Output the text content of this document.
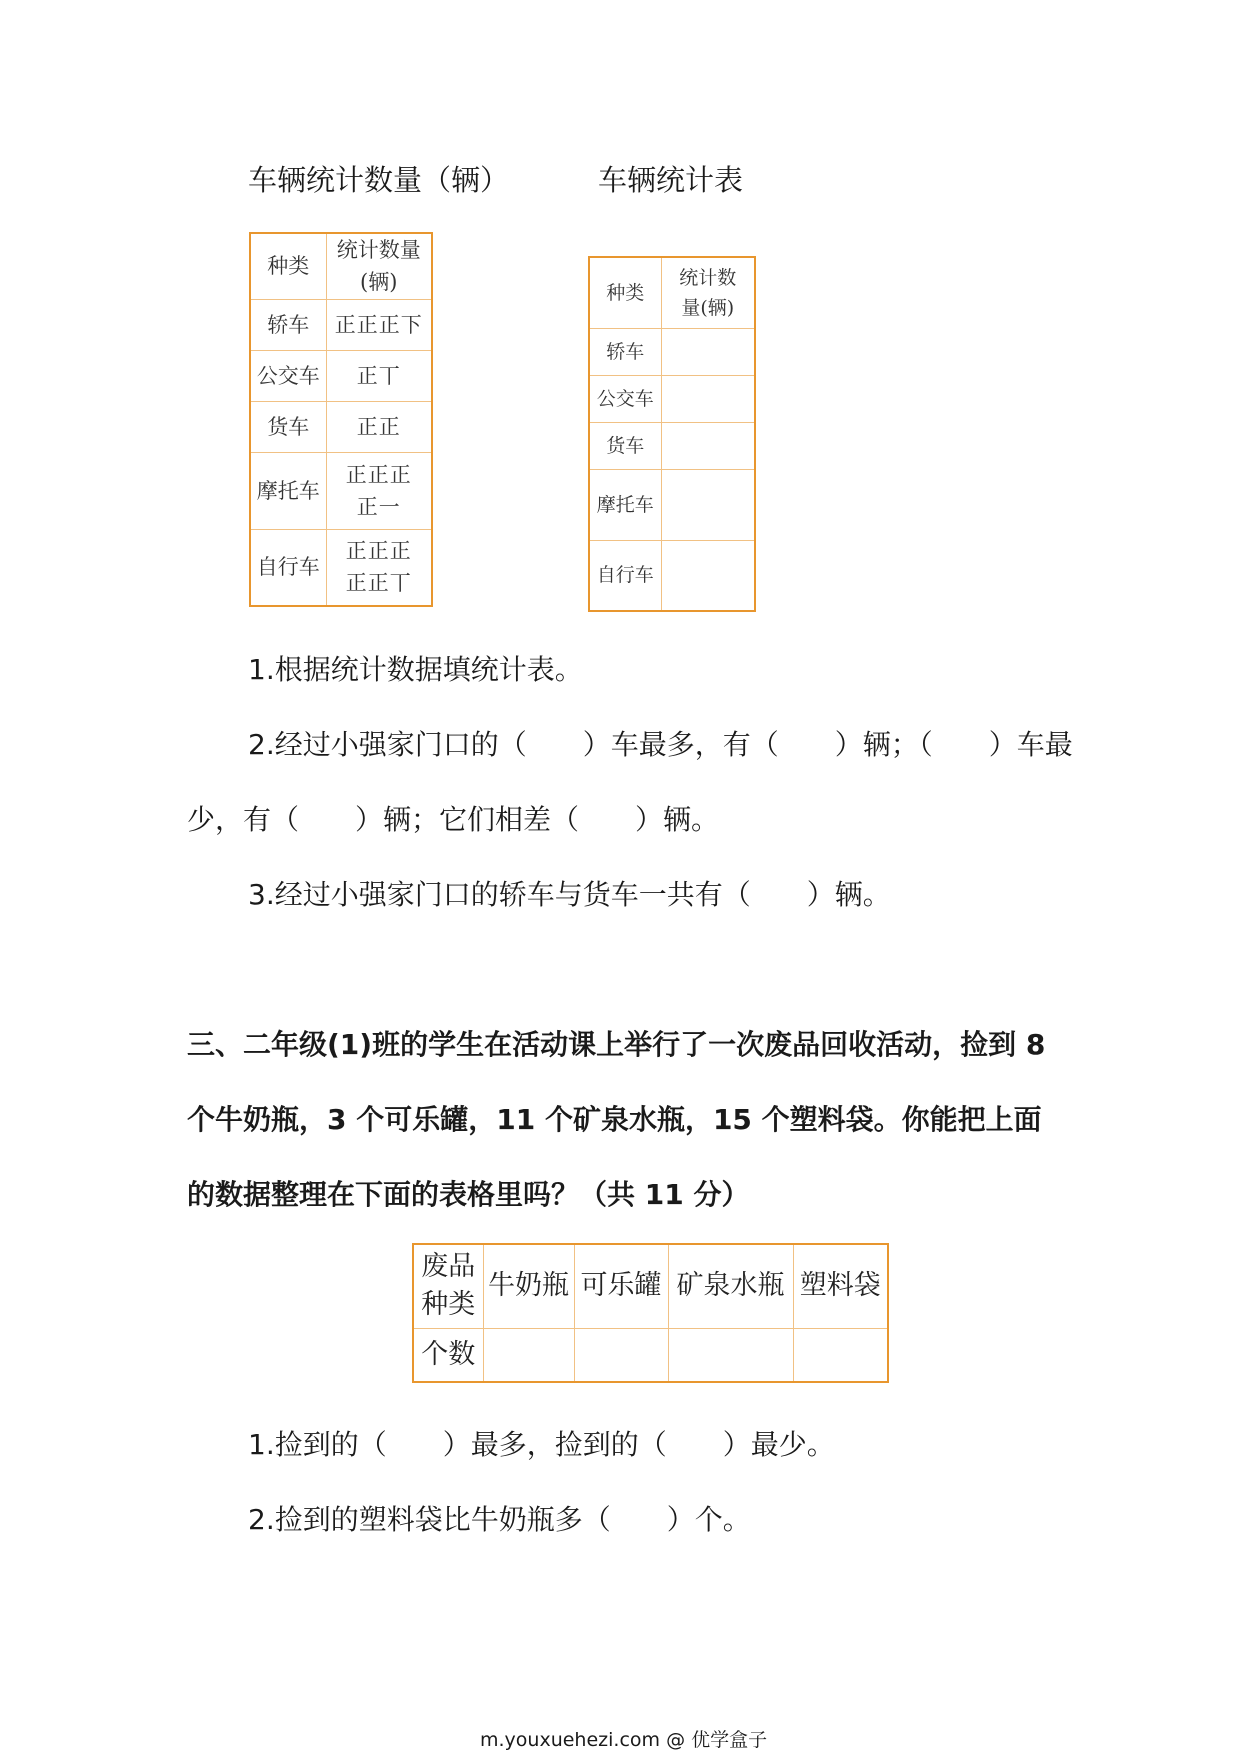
车辆统计数量（辆）	车辆统计表
种类	统计数量(辆)
轿车	正正正下
公交车	正丅
货车	正正
摩托车	正正正正一
自行车	正正正正正丅
种类	统计数量(辆)
轿车	
公交车	
货车	
摩托车	
自行车	
1.根据统计数据填统计表。
2.经过小强家门口的（　　）车最多，有（　　）辆；（　　）车最
少，有（　　）辆；它们相差（　　）辆。
3.经过小强家门口的轿车与货车一共有（　　）辆。
三、二年级(1)班的学生在活动课上举行了一次废品回收活动，捡到 8
个牛奶瓶，3 个可乐罐，11 个矿泉水瓶，15 个塑料袋。你能把上面
的数据整理在下面的表格里吗？（共 11 分）
废品种类	牛奶瓶	可乐罐	矿泉水瓶	塑料袋
个数				
1.捡到的（　　）最多，捡到的（　　）最少。
2.捡到的塑料袋比牛奶瓶多（　　）个。
m.youxuehezi.com @ 优学盒子
